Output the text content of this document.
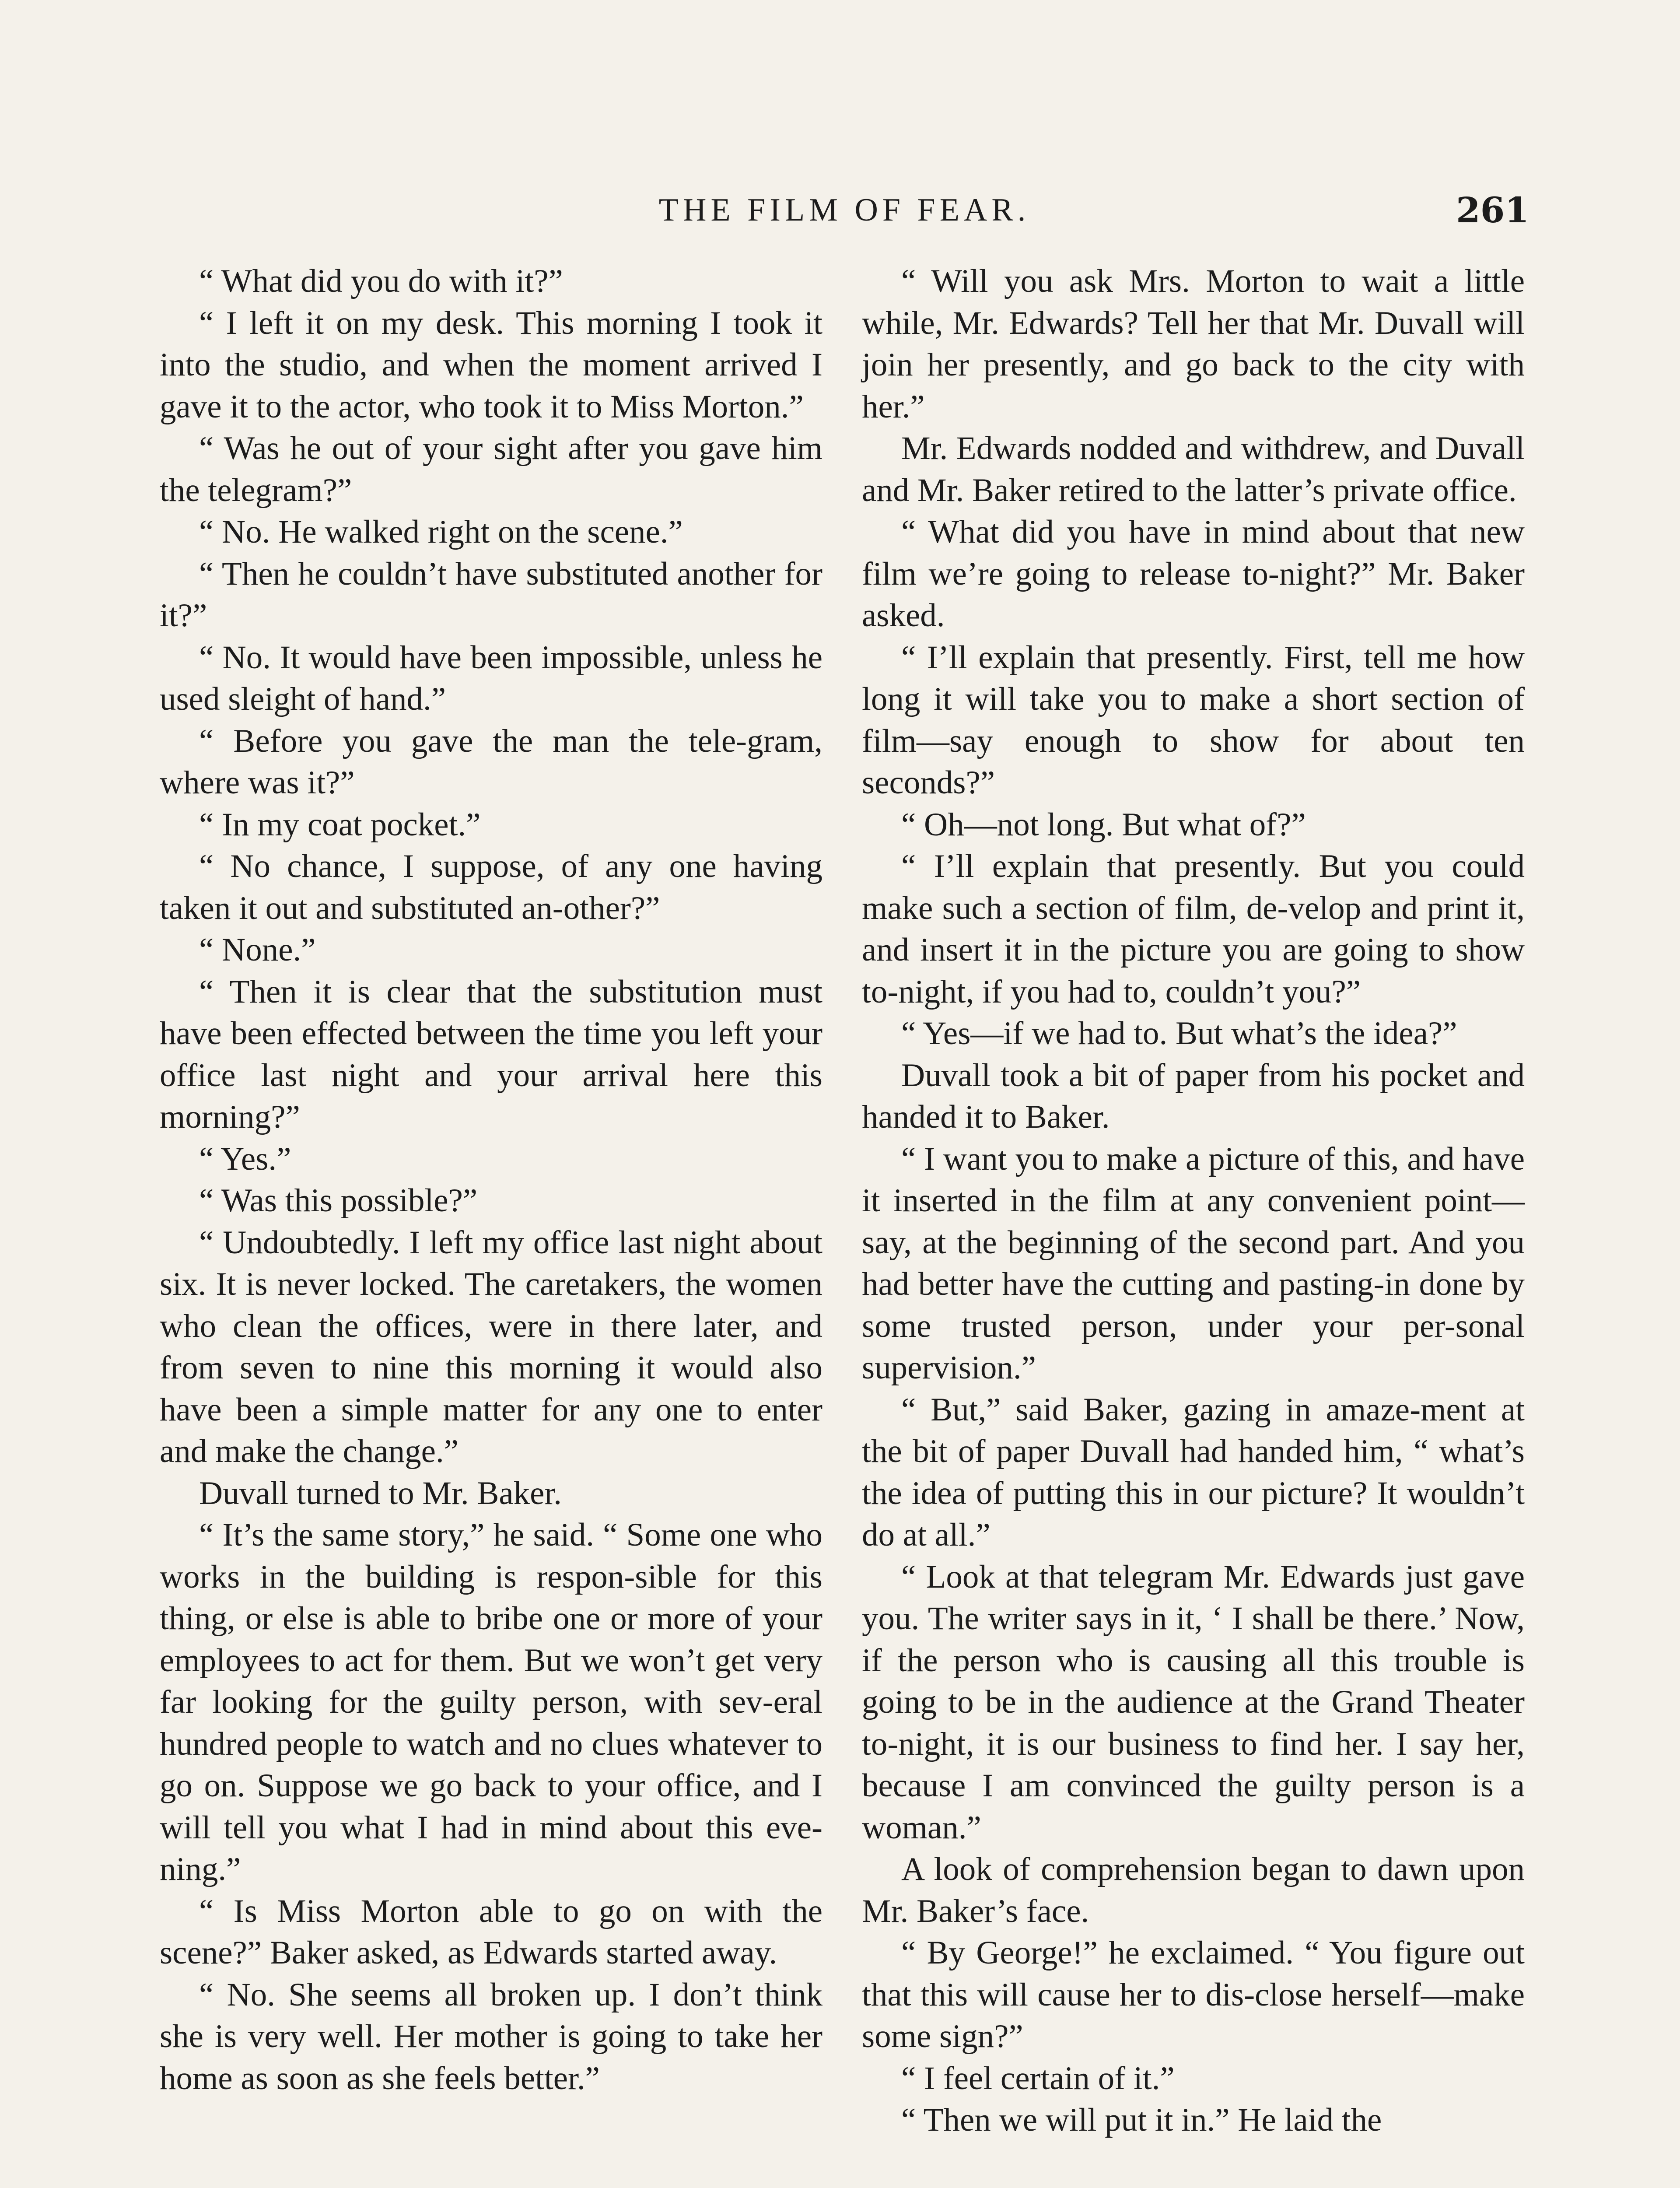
THE FILM OF FEAR.	261

“ What did you do with it?”

“ I left it on my desk. This morning I took it into the studio, and when the moment arrived I gave it to the actor, who took it to Miss Morton.”

“ Was he out of your sight after you gave him the telegram?”

“ No. He walked right on the scene.”

“ Then he couldn’t have substituted another for it?”

“ No. It would have been impossible, unless he used sleight of hand.”

“ Before you gave the man the tele-gram, where was it?”

“ In my coat pocket.”

“ No chance, I suppose, of any one having taken it out and substituted an-other?”

“ None.”

“ Then it is clear that the substitution must have been effected between the time you left your office last night and your arrival here this morning?”

“ Yes.”

“ Was this possible?”

“ Undoubtedly. I left my office last night about six. It is never locked. The caretakers, the women who clean the offices, were in there later, and from seven to nine this morning it would also have been a simple matter for any one to enter and make the change.”

Duvall turned to Mr. Baker.

“ It’s the same story,” he said. “ Some one who works in the building is respon-sible for this thing, or else is able to bribe one or more of your employees to act for them. But we won’t get very far looking for the guilty person, with sev-eral hundred people to watch and no clues whatever to go on. Suppose we go back to your office, and I will tell you what I had in mind about this eve-ning.”

“ Is Miss Morton able to go on with the scene?” Baker asked, as Edwards started away.

“ No. She seems all broken up. I don’t think she is very well. Her mother is going to take her home as soon as she feels better.”

“ Will you ask Mrs. Morton to wait a little while, Mr. Edwards? Tell her that Mr. Duvall will join her presently, and go back to the city with her.”

Mr. Edwards nodded and withdrew, and Duvall and Mr. Baker retired to the latter’s private office.

“ What did you have in mind about that new film we’re going to release to-night?” Mr. Baker asked.

“ I’ll explain that presently. First, tell me how long it will take you to make a short section of film—say enough to show for about ten seconds?”

“ Oh—not long. But what of?”

“ I’ll explain that presently. But you could make such a section of film, de-velop and print it, and insert it in the picture you are going to show to-night, if you had to, couldn’t you?”

“ Yes—if we had to. But what’s the idea?”

Duvall took a bit of paper from his pocket and handed it to Baker.

“ I want you to make a picture of this, and have it inserted in the film at any convenient point—say, at the beginning of the second part. And you had better have the cutting and pasting-in done by some trusted person, under your per-sonal supervision.”

“ But,” said Baker, gazing in amaze-ment at the bit of paper Duvall had handed him, “ what’s the idea of putting this in our picture? It wouldn’t do at all.”

“ Look at that telegram Mr. Edwards just gave you. The writer says in it, ‘ I shall be there.’ Now, if the person who is causing all this trouble is going to be in the audience at the Grand Theater to-night, it is our business to find her. I say her, because I am convinced the guilty person is a woman.”

A look of comprehension began to dawn upon Mr. Baker’s face.

“ By George!” he exclaimed. “ You figure out that this will cause her to dis-close herself—make some sign?”

“ I feel certain of it.”

“ Then we will put it in.” He laid the
